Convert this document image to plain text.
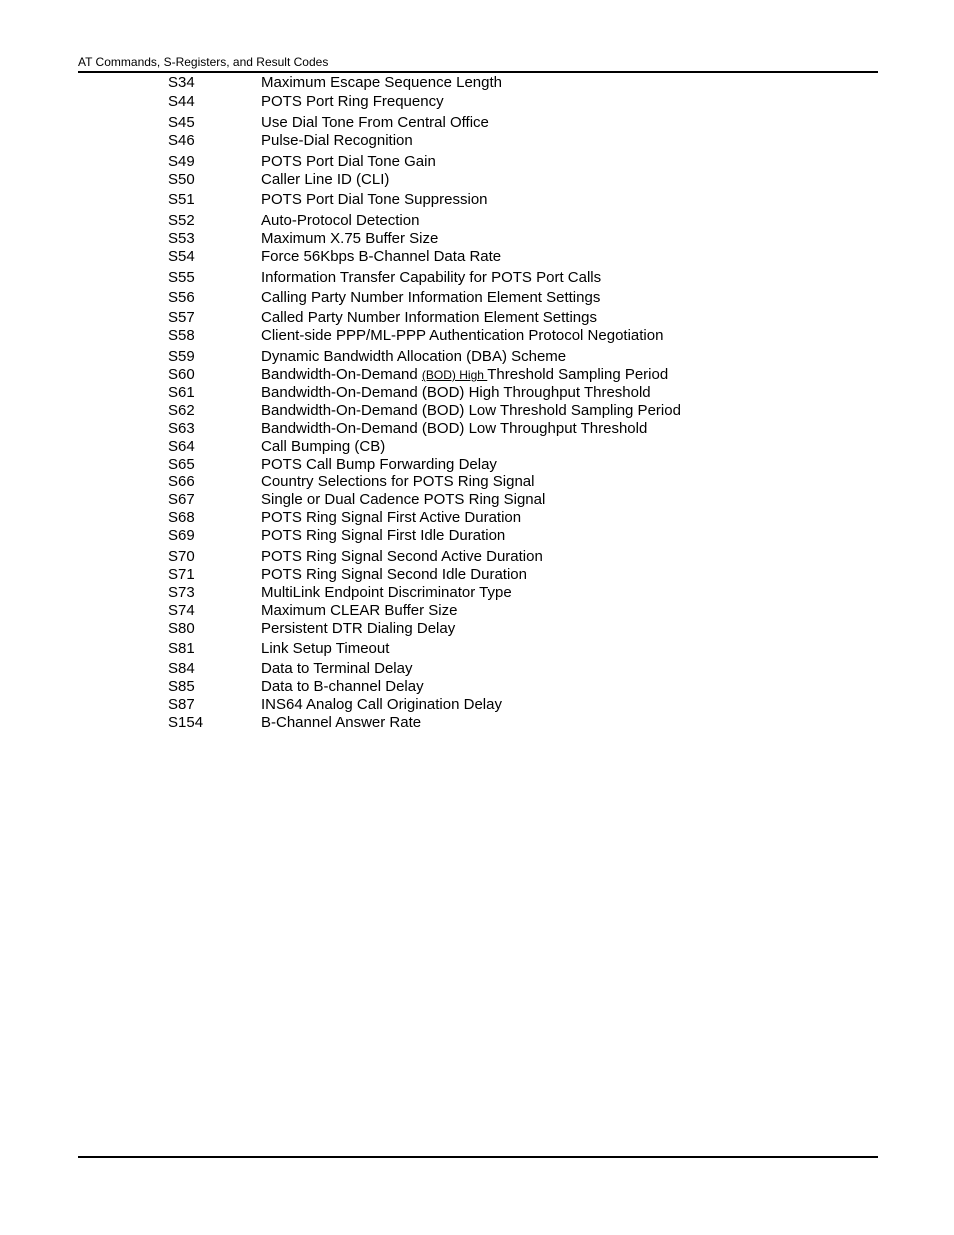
AT Commands, S-Registers, and Result Codes
S34	Maximum Escape Sequence Length
S44	POTS Port Ring Frequency
S45	Use Dial Tone From Central Office
S46	Pulse-Dial Recognition
S49	POTS Port Dial Tone Gain
S50	Caller Line ID (CLI)
S51	POTS Port Dial Tone Suppression
S52	Auto-Protocol Detection
S53	Maximum X.75 Buffer Size
S54	Force 56Kbps B-Channel Data Rate
S55	Information Transfer Capability for POTS Port Calls
S56	Calling Party Number Information Element Settings
S57	Called Party Number Information Element Settings
S58	Client-side PPP/ML-PPP Authentication Protocol Negotiation
S59	Dynamic Bandwidth Allocation (DBA) Scheme
S60	Bandwidth-On-Demand (BOD) High Threshold Sampling Period
S61	Bandwidth-On-Demand (BOD) High Throughput Threshold
S62	Bandwidth-On-Demand (BOD) Low Threshold Sampling Period
S63	Bandwidth-On-Demand (BOD) Low Throughput Threshold
S64	Call Bumping (CB)
S65	POTS Call Bump Forwarding Delay
S66	Country Selections for POTS Ring Signal
S67	Single or Dual Cadence POTS Ring Signal
S68	POTS Ring Signal First Active Duration
S69	POTS Ring Signal First Idle Duration
S70	POTS Ring Signal Second Active Duration
S71	POTS Ring Signal Second Idle Duration
S73	MultiLink Endpoint Discriminator Type
S74	Maximum CLEAR Buffer Size
S80	Persistent DTR Dialing Delay
S81	Link Setup Timeout
S84	Data to Terminal Delay
S85	Data to B-channel Delay
S87	INS64 Analog Call Origination Delay
S154	B-Channel Answer Rate
